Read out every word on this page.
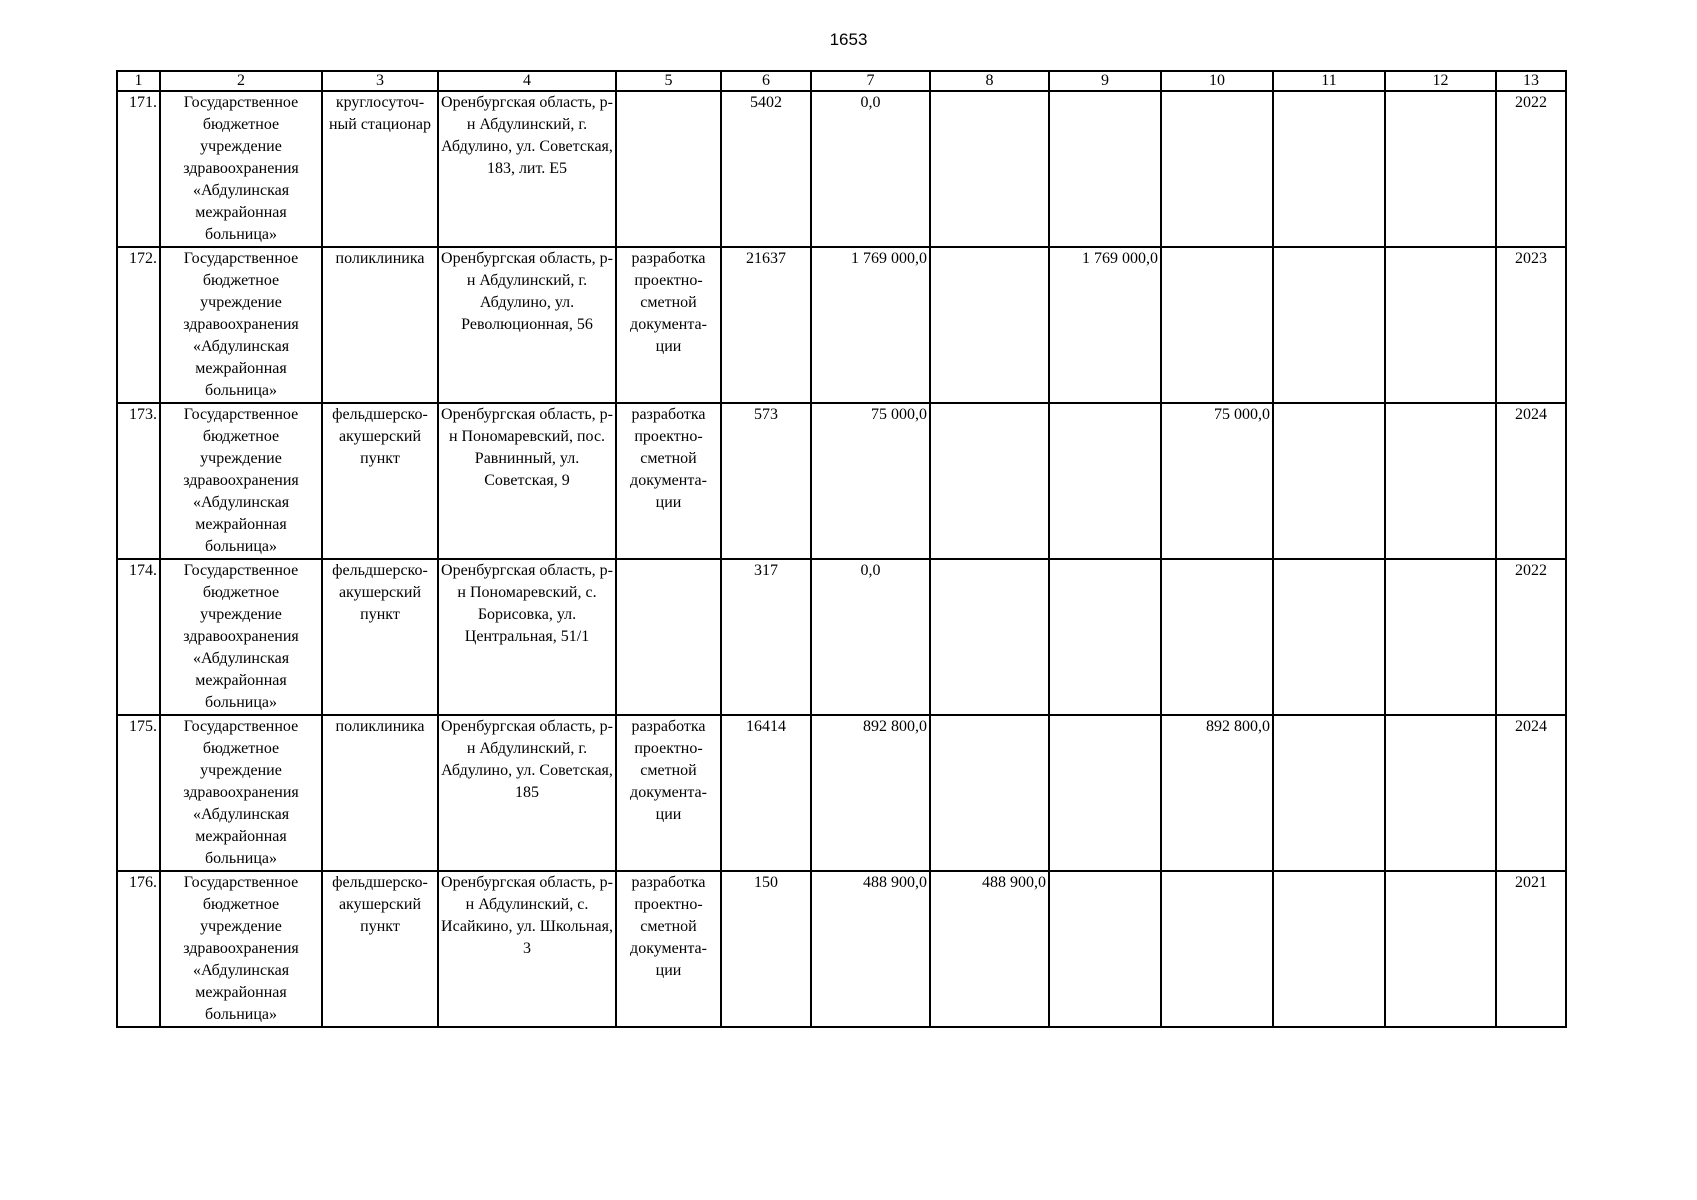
1653
1	2	3	4	5	6	7	8	9	10	11	12	13
171.	Государственное бюджетное учреждение здравоохранения «Абдулинская межрайонная больница»	круглосуточ-ный стационар	Оренбургская область, р-н Абдулинский, г. Абдулино, ул. Советская, 183, лит. Е5		5402	0,0						2022
172.	Государственное бюджетное учреждение здравоохранения «Абдулинская межрайонная больница»	поликлиника	Оренбургская область, р-н Абдулинский, г. Абдулино, ул. Революционная, 56	разработка проектно-сметной документа-ции	21637	1 769 000,0		1 769 000,0				2023
173.	Государственное бюджетное учреждение здравоохранения «Абдулинская межрайонная больница»	фельдшерско-акушерский пункт	Оренбургская область, р-н Пономаревский, пос. Равнинный, ул. Советская, 9	разработка проектно-сметной документа-ции	573	75 000,0			75 000,0			2024
174.	Государственное бюджетное учреждение здравоохранения «Абдулинская межрайонная больница»	фельдшерско-акушерский пункт	Оренбургская область, р-н Пономаревский, с. Борисовка, ул. Центральная, 51/1		317	0,0						2022
175.	Государственное бюджетное учреждение здравоохранения «Абдулинская межрайонная больница»	поликлиника	Оренбургская область, р-н Абдулинский, г. Абдулино, ул. Советская, 185	разработка проектно-сметной документа-ции	16414	892 800,0			892 800,0			2024
176.	Государственное бюджетное учреждение здравоохранения «Абдулинская межрайонная больница»	фельдшерско-акушерский пункт	Оренбургская область, р-н Абдулинский, с. Исайкино, ул. Школьная, 3	разработка проектно-сметной документа-ции	150	488 900,0	488 900,0					2021
